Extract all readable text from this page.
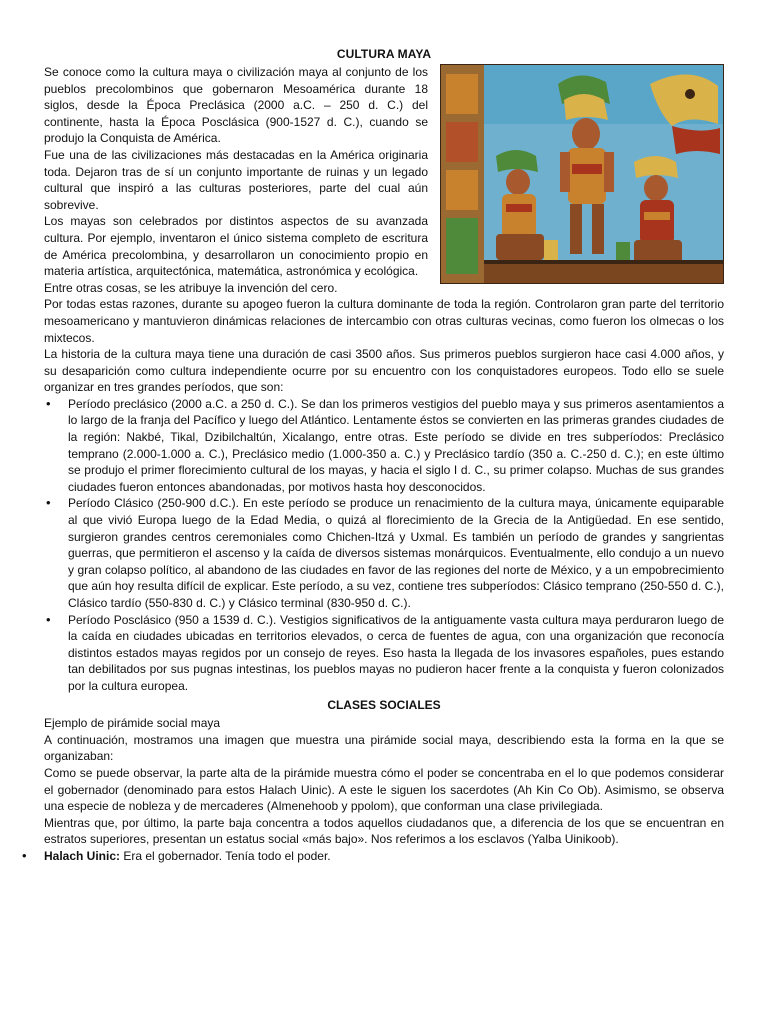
CULTURA MAYA

Se conoce como la cultura maya o civilización maya al conjunto de los pueblos precolombinos que gobernaron Mesoamérica durante 18 siglos, desde la Época Preclásica (2000 a.C. – 250 d. C.) del continente, hasta la Época Posclásica (900-1527 d. C.), cuando se produjo la Conquista de América.

Fue una de las civilizaciones más destacadas en la América originaria toda. Dejaron tras de sí un conjunto importante de ruinas y un legado cultural que inspiró a las culturas posteriores, parte del cual aún sobrevive.

Los mayas son celebrados por distintos aspectos de su avanzada cultura. Por ejemplo, inventaron el único sistema completo de escritura de América precolombina, y desarrollaron un conocimiento propio en materia artística, arquitectónica, matemática, astronómica y ecológica.

Entre otras cosas, se les atribuye la invención del cero.

Por todas estas razones, durante su apogeo fueron la cultura dominante de toda la región. Controlaron gran parte del territorio mesoamericano y mantuvieron dinámicas relaciones de intercambio con otras culturas vecinas, como fueron los olmecas o los mixtecos.

La historia de la cultura maya tiene una duración de casi 3500 años. Sus primeros pueblos surgieron hace casi 4.000 años, y su desaparición como cultura independiente ocurre por su encuentro con los conquistadores europeos. Todo ello se suele organizar en tres grandes períodos, que son:

• Período preclásico (2000 a.C. a 250 d. C.). Se dan los primeros vestigios del pueblo maya y sus primeros asentamientos a lo largo de la franja del Pacífico y luego del Atlántico. Lentamente éstos se convierten en las primeras grandes ciudades de la región: Nakbé, Tikal, Dzibilchaltún, Xicalango, entre otras. Este período se divide en tres subperíodos: Preclásico temprano (2.000-1.000 a. C.), Preclásico medio (1.000-350 a. C.) y Preclásico tardío (350 a. C.-250 d. C.); en este último se produjo el primer florecimiento cultural de los mayas, y hacia el siglo I d. C., su primer colapso. Muchas de sus grandes ciudades fueron entonces abandonadas, por motivos hasta hoy desconocidos.
• Período Clásico (250-900 d.C.). En este período se produce un renacimiento de la cultura maya, únicamente equiparable al que vivió Europa luego de la Edad Media, o quizá al florecimiento de la Grecia de la Antigüedad. En ese sentido, surgieron grandes centros ceremoniales como Chichen-Itzá y Uxmal. Es también un período de grandes y sangrientas guerras, que permitieron el ascenso y la caída de diversos sistemas monárquicos. Eventualmente, ello condujo a un nuevo y gran colapso político, al abandono de las ciudades en favor de las regiones del norte de México, y a un empobrecimiento que aún hoy resulta difícil de explicar. Este período, a su vez, contiene tres subperíodos: Clásico temprano (250-550 d. C.), Clásico tardío (550-830 d. C.) y Clásico terminal (830-950 d. C.).
• Período Posclásico (950 a 1539 d. C.). Vestigios significativos de la antiguamente vasta cultura maya perduraron luego de la caída en ciudades ubicadas en territorios elevados, o cerca de fuentes de agua, con una organización que reconocía distintos estados mayas regidos por un consejo de reyes. Eso hasta la llegada de los invasores españoles, pues estando tan debilitados por sus pugnas intestinas, los pueblos mayas no pudieron hacer frente a la conquista y fueron colonizados por la cultura europea.
CLASES SOCIALES
Ejemplo de pirámide social maya

A continuación, mostramos una imagen que muestra una pirámide social maya, describiendo esta la forma en la que se organizaban:

Como se puede observar, la parte alta de la pirámide muestra cómo el poder se concentraba en el lo que podemos considerar el gobernador (denominado para estos Halach Uinic). A este le siguen los sacerdotes (Ah Kin Co Ob). Asimismo, se observa una especie de nobleza y de mercaderes (Almenehoob y ppolom), que conforman una clase privilegiada.

Mientras que, por último, la parte baja concentra a todos aquellos ciudadanos que, a diferencia de los que se encuentran en estratos superiores, presentan un estatus social «más bajo». Nos referimos a los esclavos (Yalba Uinikoob).

• Halach Uinic: Era el gobernador. Tenía todo el poder.
